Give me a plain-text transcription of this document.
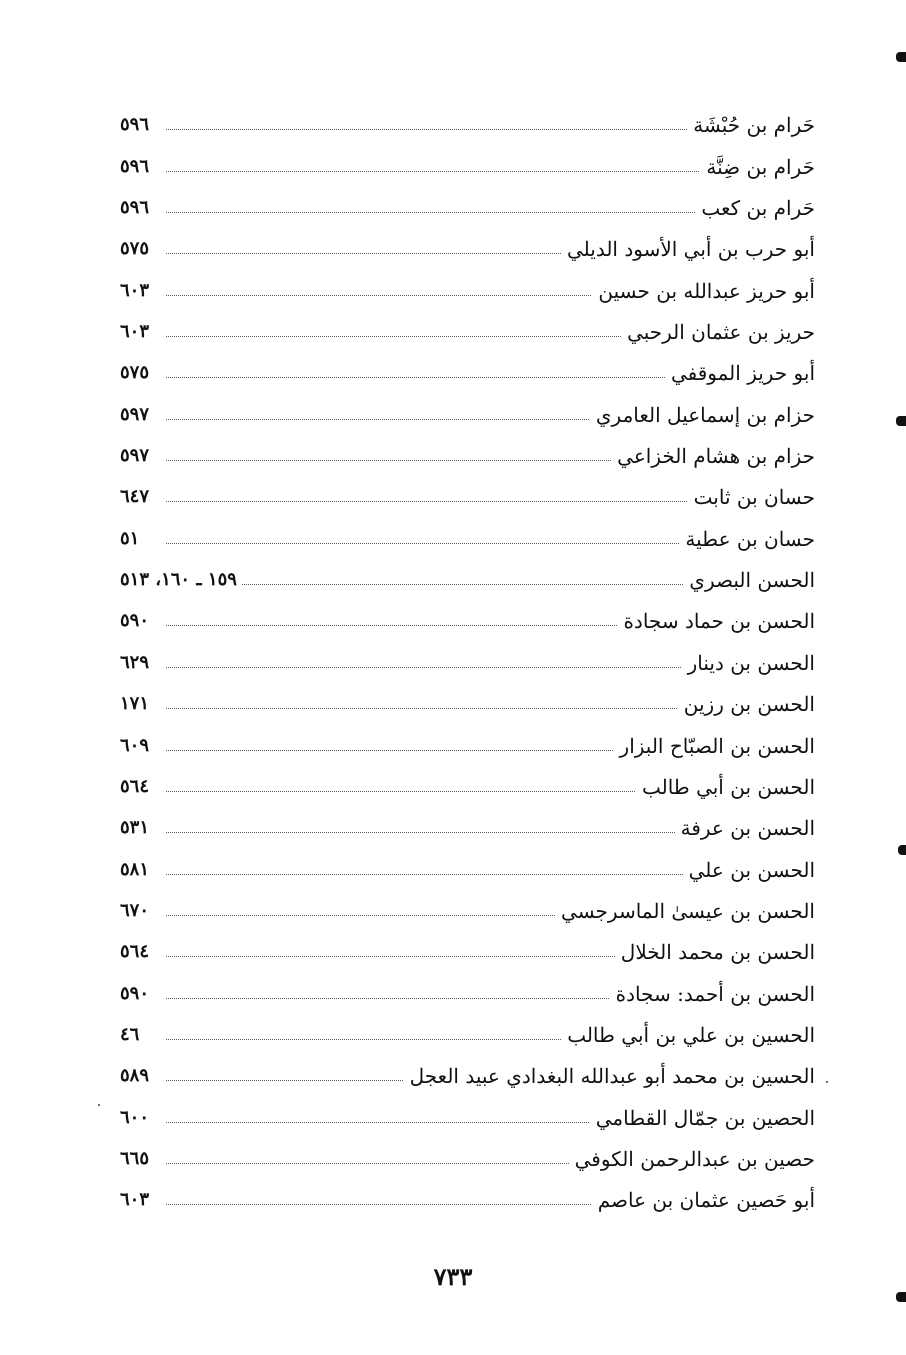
حَرام بن حُبْشَة
٥٩٦
حَرام بن ضِنَّة
٥٩٦
حَرام بن كعب
٥٩٦
أبو حرب بن أبي الأسود الديلي
٥٧٥
أبو حريز عبدالله بن حسين
٦٠٣
حريز بن عثمان الرحبي
٦٠٣
أبو حريز الموقفي
٥٧٥
حزام بن إسماعيل العامري
٥٩٧
حزام بن هشام الخزاعي
٥٩٧
حسان بن ثابت
٦٤٧
حسان بن عطية
٥١
الحسن البصري
١٥٩ ـ ١٦٠، ٥١٣
الحسن بن حماد سجادة
٥٩٠
الحسن بن دينار
٦٢٩
الحسن بن رزين
١٧١
الحسن بن الصبّاح البزار
٦٠٩
الحسن بن أبي طالب
٥٦٤
الحسن بن عرفة
٥٣١
الحسن بن علي
٥٨١
الحسن بن عيسىٰ الماسرجسي
٦٧٠
الحسن بن محمد الخلال
٥٦٤
الحسن بن أحمد: سجادة
٥٩٠
الحسين بن علي بن أبي طالب
٤٦
الحسين بن محمد أبو عبدالله البغدادي عبيد العجل
٥٨٩
الحصين بن جمّال القطامي
٦٠٠
حصين بن عبدالرحمن الكوفي
٦٦٥
أبو حَصين عثمان بن عاصم
٦٠٣
٧٣٣
